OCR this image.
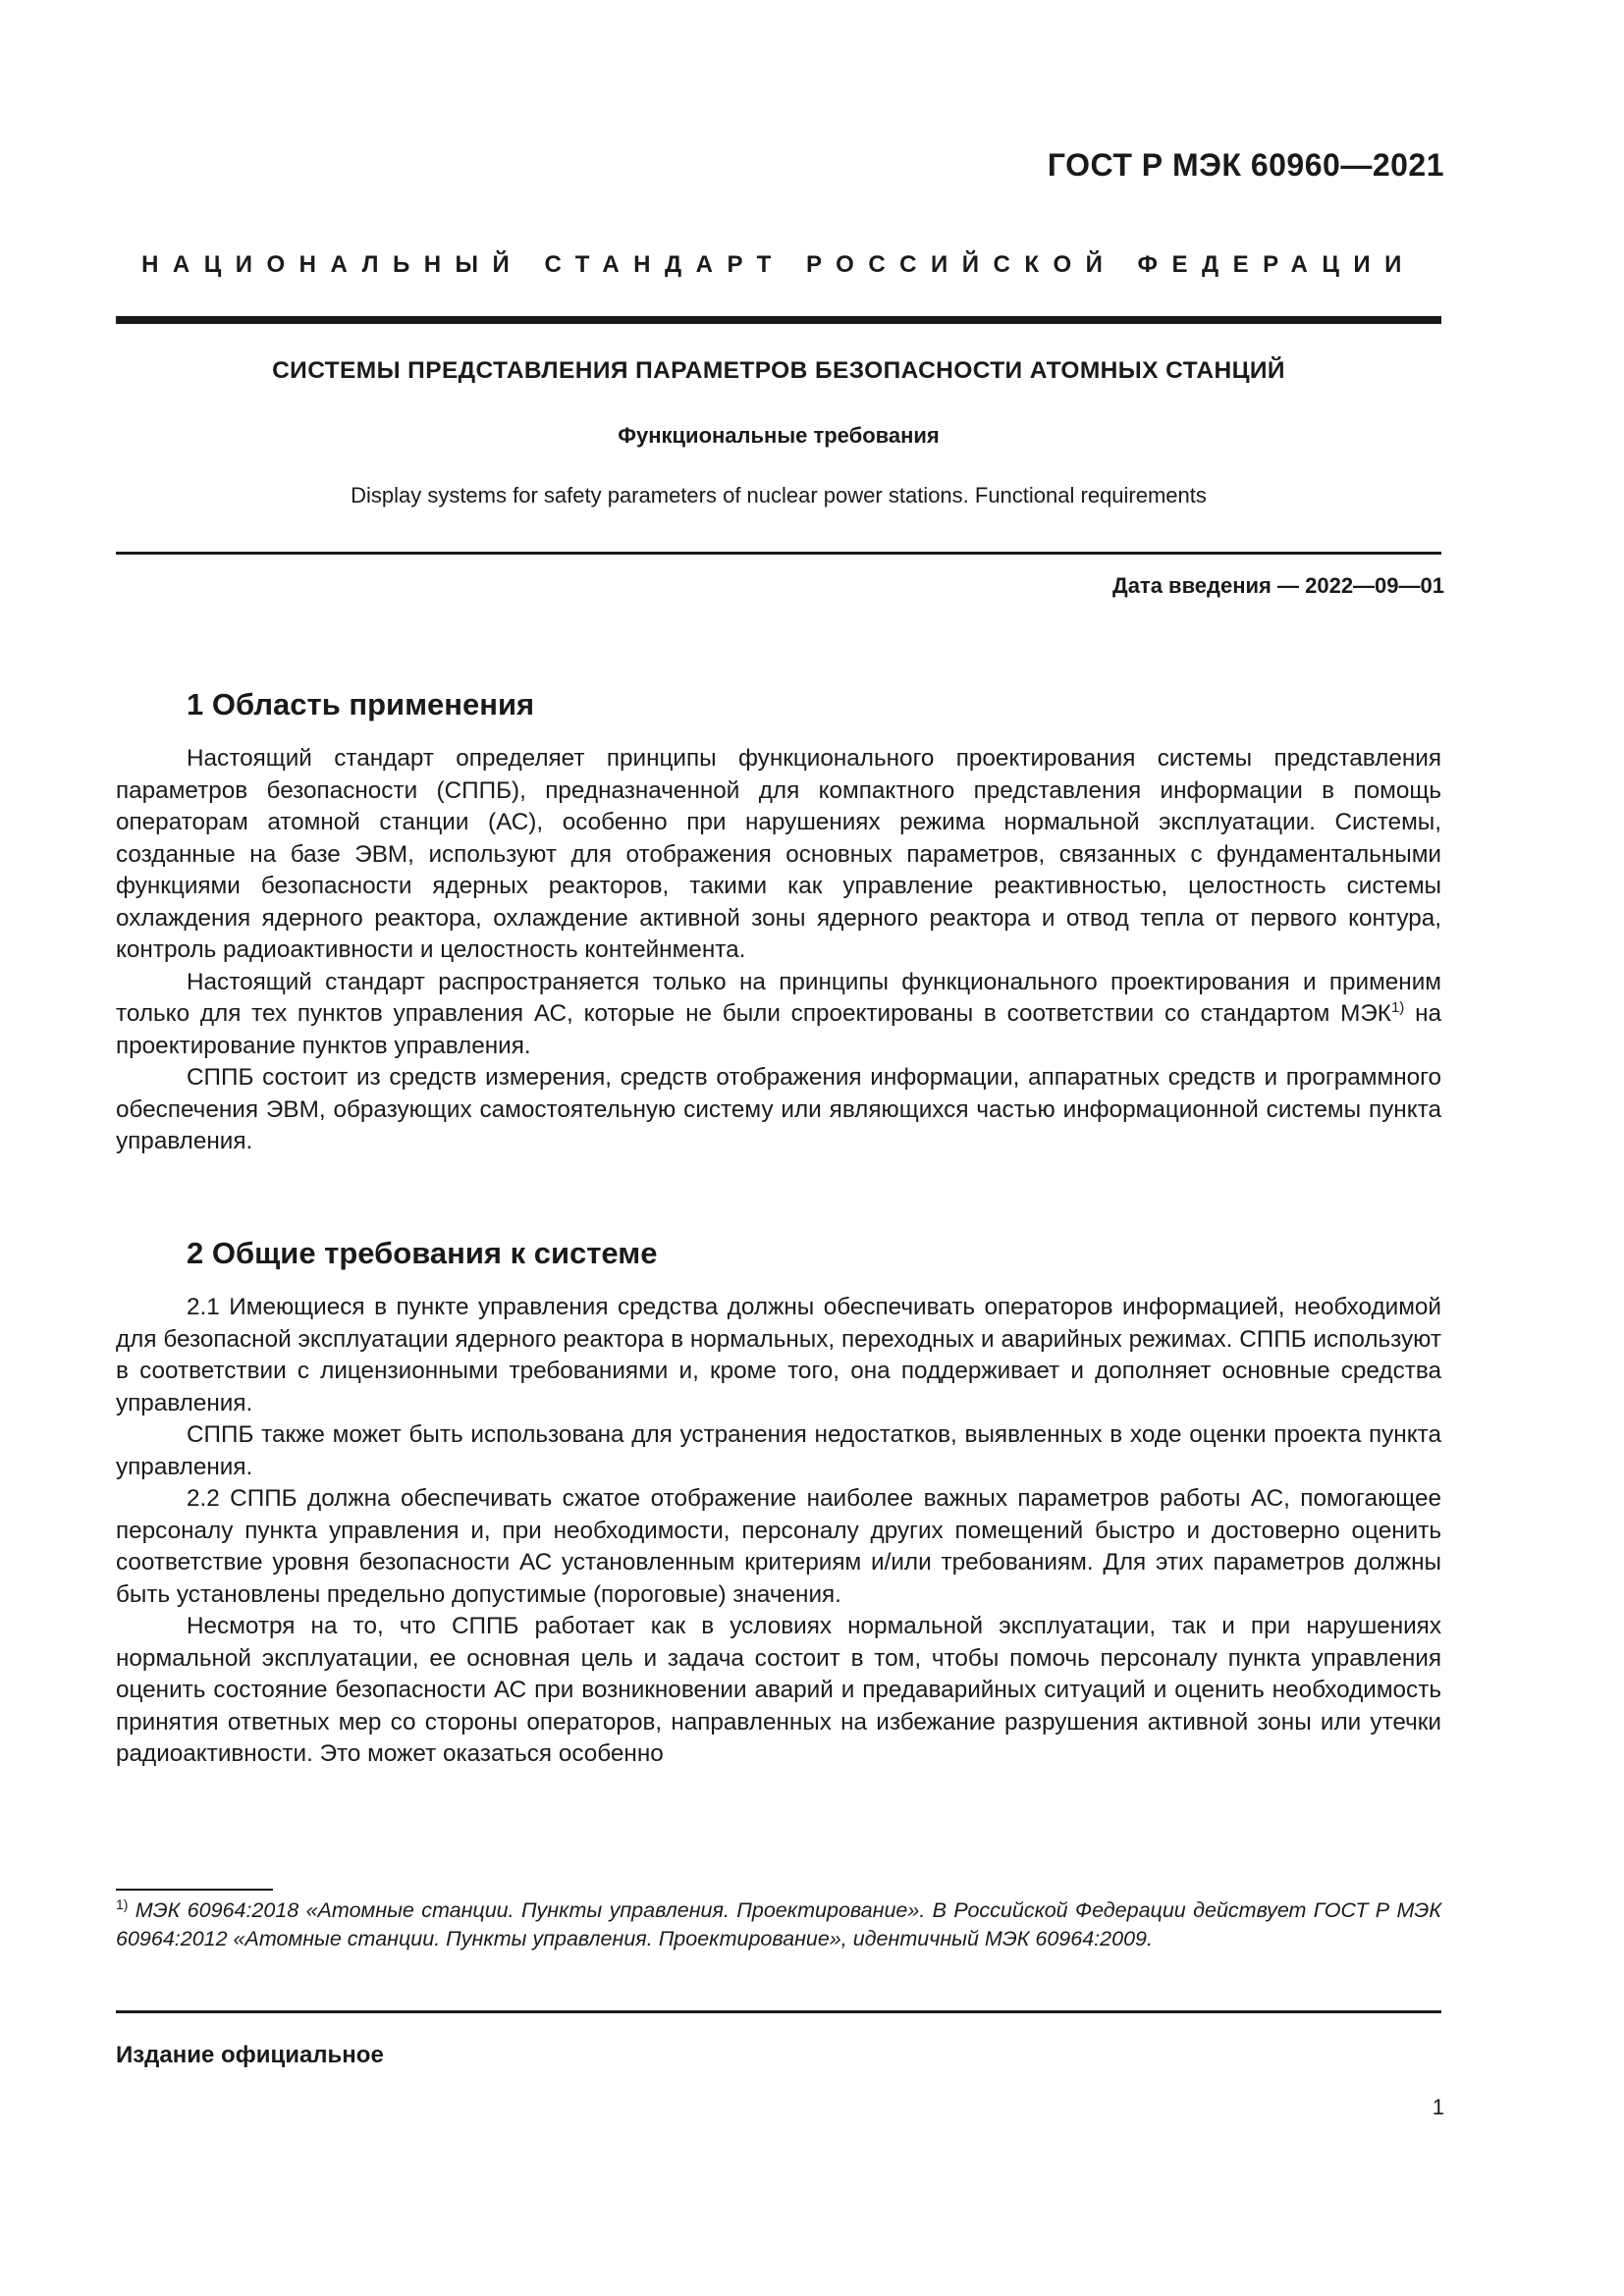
ГОСТ Р МЭК 60960—2021
НАЦИОНАЛЬНЫЙ СТАНДАРТ РОССИЙСКОЙ ФЕДЕРАЦИИ
СИСТЕМЫ ПРЕДСТАВЛЕНИЯ ПАРАМЕТРОВ БЕЗОПАСНОСТИ АТОМНЫХ СТАНЦИЙ
Функциональные требования
Display systems for safety parameters of nuclear power stations. Functional requirements
Дата введения — 2022—09—01
1 Область применения

Настоящий стандарт определяет принципы функционального проектирования системы представления параметров безопасности (СППБ), предназначенной для компактного представления информации в помощь операторам атомной станции (АС), особенно при нарушениях режима нормальной эксплуатации. Системы, созданные на базе ЭВМ, используют для отображения основных параметров, связанных с фундаментальными функциями безопасности ядерных реакторов, такими как управление реактивностью, целостность системы охлаждения ядерного реактора, охлаждение активной зоны ядерного реактора и отвод тепла от первого контура, контроль радиоактивности и целостность контейнмента.

Настоящий стандарт распространяется только на принципы функционального проектирования и применим только для тех пунктов управления АС, которые не были спроектированы в соответствии со стандартом МЭК$^{1)}$ на проектирование пунктов управления.

СППБ состоит из средств измерения, средств отображения информации, аппаратных средств и программного обеспечения ЭВМ, образующих самостоятельную систему или являющихся частью информационной системы пункта управления.

2 Общие требования к системе

2.1 Имеющиеся в пункте управления средства должны обеспечивать операторов информацией, необходимой для безопасной эксплуатации ядерного реактора в нормальных, переходных и аварийных режимах. СППБ используют в соответствии с лицензионными требованиями и, кроме того, она поддерживает и дополняет основные средства управления.

СППБ также может быть использована для устранения недостатков, выявленных в ходе оценки проекта пункта управления.

2.2 СППБ должна обеспечивать сжатое отображение наиболее важных параметров работы АС, помогающее персоналу пункта управления и, при необходимости, персоналу других помещений быстро и достоверно оценить соответствие уровня безопасности АС установленным критериям и/или требованиям. Для этих параметров должны быть установлены предельно допустимые (пороговые) значения.

Несмотря на то, что СППБ работает как в условиях нормальной эксплуатации, так и при нарушениях нормальной эксплуатации, ее основная цель и задача состоит в том, чтобы помочь персоналу пункта управления оценить состояние безопасности АС при возникновении аварий и предаварийных ситуаций и оценить необходимость принятия ответных мер со стороны операторов, направленных на избежание разрушения активной зоны или утечки радиоактивности. Это может оказаться особенно

$^{1)}$ МЭК 60964:2018 «Атомные станции. Пункты управления. Проектирование». В Российской Федерации действует ГОСТ Р МЭК 60964:2012 «Атомные станции. Пункты управления. Проектирование», идентичный МЭК 60964:2009.
Издание официальное
1
